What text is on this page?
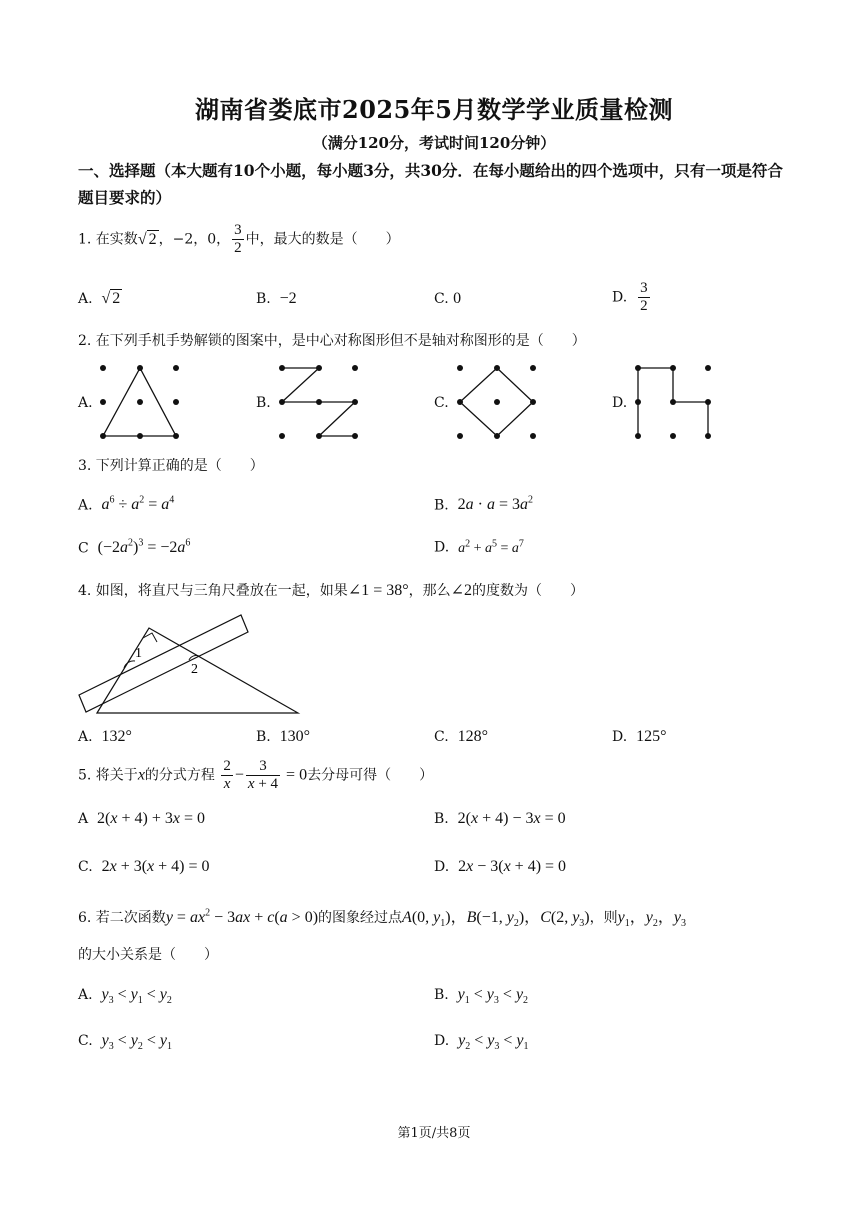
湖南省娄底市2025年5月数学学业质量检测
（满分120分，考试时间120分钟）
一、选择题（本大题有10个小题，每小题3分，共30分．在每小题给出的四个选项中，只有一项是符合题目要求的）
1. 在实数√ 2 ，−2，0， $\frac{3}{2}$ 中，最大的数是（　　）
A. √ 2	B. −2	C. 0	D. $\frac{3}{2}$
2. 在下列手机手势解锁的图案中，是中心对称图形但不是轴对称图形的是（　　）
A.	B.	C.	D.
3. 下列计算正确的是（　　）
A. $a^6 \div a^2 = a^4$	B. $2a \cdot a = 3a^2$
C $(-2a^2)^3 = -2a^6$	D. $a^2 + a^5 = a^7$
4. 如图，将直尺与三角尺叠放在一起，如果∠1 = 38°，那么∠2的度数为（　　）
1
2
A. 132°	B. 130°	C. 128°	D. 125°
5. 将关于x的分式方程 $\frac{2}{x} - \frac{3}{x + 4} = 0$去分母可得（　　）
A 2(x + 4) + 3x = 0	B. 2(x + 4) − 3x = 0
C. 2x + 3(x + 4) = 0	D. 2x − 3(x + 4) = 0
6. 若二次函数$y = ax^2 - 3ax + c(a > 0)$的图象经过点A(0, $y_1$)，B(−1, $y_2$)，C(2, $y_3$)，则$y_1$，$y_2$，$y_3$
的大小关系是（　　）
A. $y_3 < y_1 < y_2$	B. $y_1 < y_3 < y_2$
C. $y_3 < y_2 < y_1$	D. $y_2 < y_3 < y_1$
第1页/共8页
